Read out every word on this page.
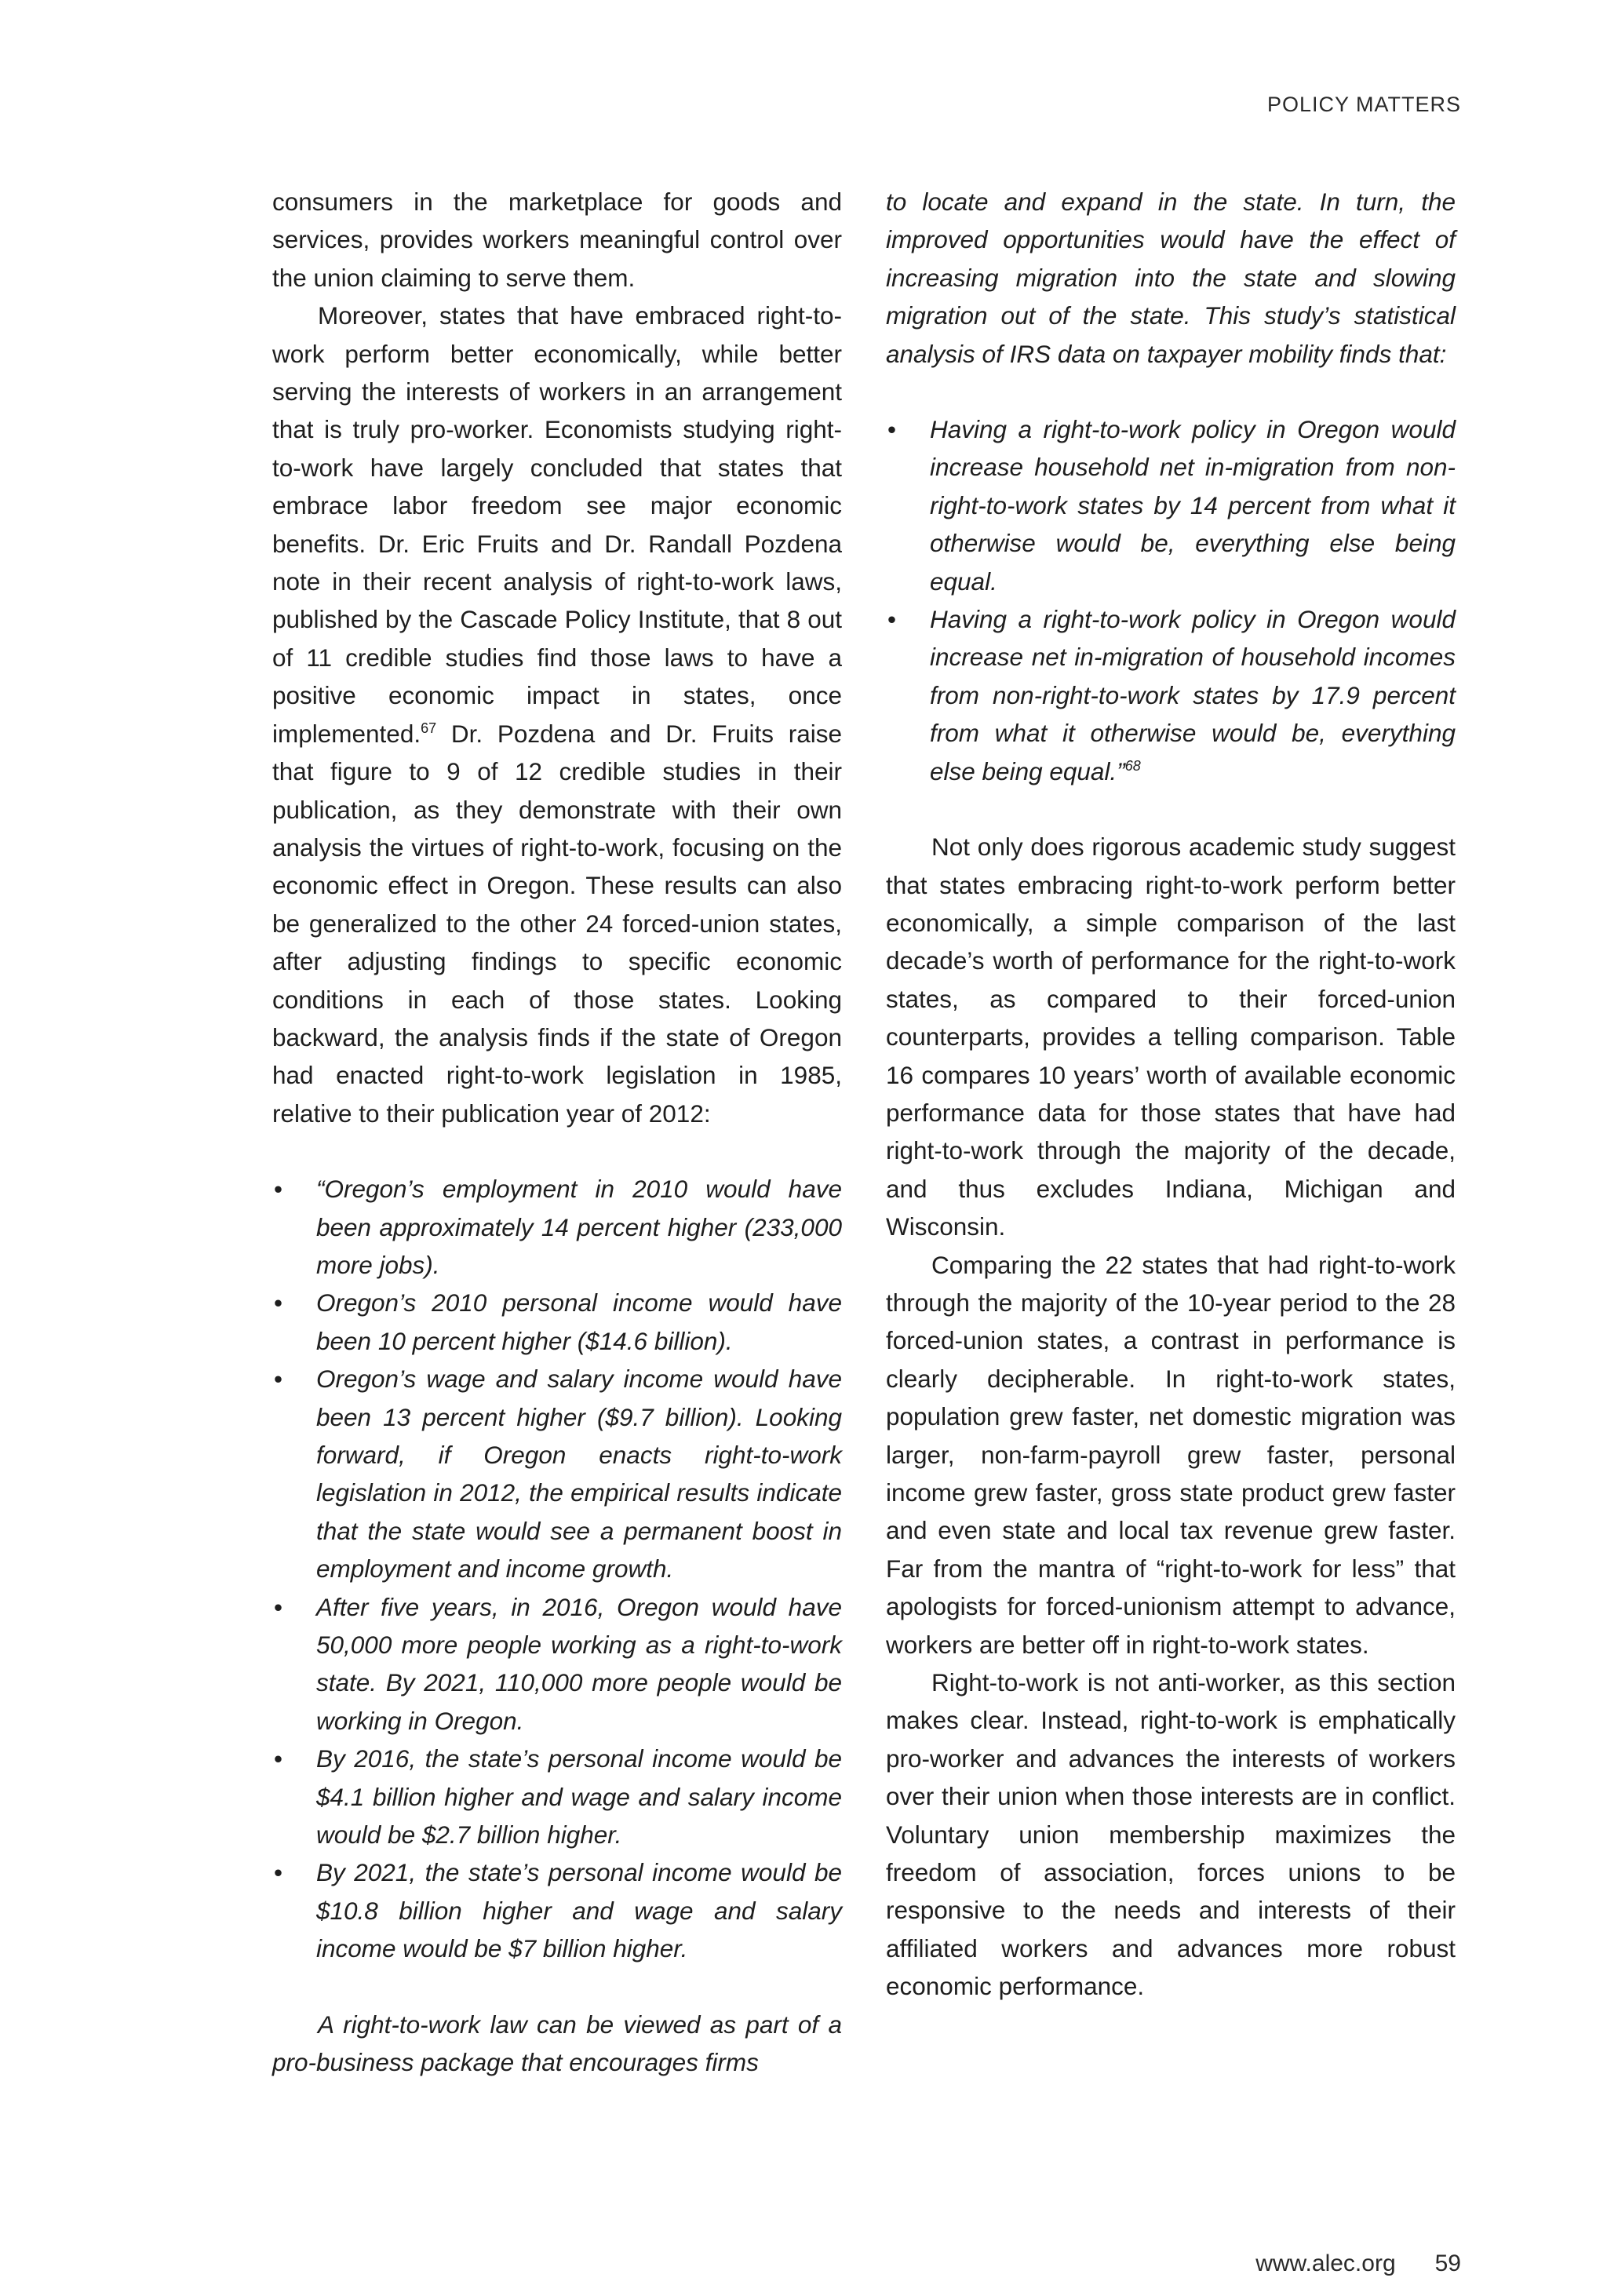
POLICY MATTERS

consumers in the marketplace for goods and services, provides workers meaningful control over the union claiming to serve them.

Moreover, states that have embraced right-to-work perform better economically, while better serving the interests of workers in an arrangement that is truly pro-worker. Economists studying right-to-work have largely concluded that states that embrace labor freedom see major economic benefits. Dr. Eric Fruits and Dr. Randall Pozdena note in their recent analysis of right-to-work laws, published by the Cascade Policy Institute, that 8 out of 11 credible studies find those laws to have a positive economic impact in states, once implemented.$^{67}$ Dr. Pozdena and Dr. Fruits raise that figure to 9 of 12 credible studies in their publication, as they demonstrate with their own analysis the virtues of right-to-work, focusing on the economic effect in Oregon. These results can also be generalized to the other 24 forced-union states, after adjusting findings to specific economic conditions in each of those states. Looking backward, the analysis finds if the state of Oregon had enacted right-to-work legislation in 1985, relative to their publication year of 2012:

• “Oregon’s employment in 2010 would have been approximately 14 percent higher (233,000 more jobs).
• Oregon’s 2010 personal income would have been 10 percent higher ($14.6 billion).
• Oregon’s wage and salary income would have been 13 percent higher ($9.7 billion). Looking forward, if Oregon enacts right-to-work legislation in 2012, the empirical results indicate that the state would see a permanent boost in employment and income growth.
• After five years, in 2016, Oregon would have 50,000 more people working as a right-to-work state. By 2021, 110,000 more people would be working in Oregon.
• By 2016, the state’s personal income would be $4.1 billion higher and wage and salary income would be $2.7 billion higher.
• By 2021, the state’s personal income would be $10.8 billion higher and wage and salary income would be $7 billion higher.

A right-to-work law can be viewed as part of a pro-business package that encourages firms

to locate and expand in the state. In turn, the improved opportunities would have the effect of increasing migration into the state and slowing migration out of the state. This study’s statistical analysis of IRS data on taxpayer mobility finds that:

• Having a right-to-work policy in Oregon would increase household net in-migration from non-right-to-work states by 14 percent from what it otherwise would be, everything else being equal.
• Having a right-to-work policy in Oregon would increase net in-migration of household incomes from non-right-to-work states by 17.9 percent from what it otherwise would be, everything else being equal.”$^{68}$

Not only does rigorous academic study suggest that states embracing right-to-work perform better economically, a simple comparison of the last decade’s worth of performance for the right-to-work states, as compared to their forced-union counterparts, provides a telling comparison. Table 16 compares 10 years’ worth of available economic performance data for those states that have had right-to-work through the majority of the decade, and thus excludes Indiana, Michigan and Wisconsin.

Comparing the 22 states that had right-to-work through the majority of the 10-year period to the 28 forced-union states, a contrast in performance is clearly decipherable. In right-to-work states, population grew faster, net domestic migration was larger, non-farm-payroll grew faster, personal income grew faster, gross state product grew faster and even state and local tax revenue grew faster. Far from the mantra of “right-to-work for less” that apologists for forced-unionism attempt to advance, workers are better off in right-to-work states.

Right-to-work is not anti-worker, as this section makes clear. Instead, right-to-work is emphatically pro-worker and advances the interests of workers over their union when those interests are in conflict. Voluntary union membership maximizes the freedom of association, forces unions to be responsive to the needs and interests of their affiliated workers and advances more robust economic performance.

www.alec.org 59
